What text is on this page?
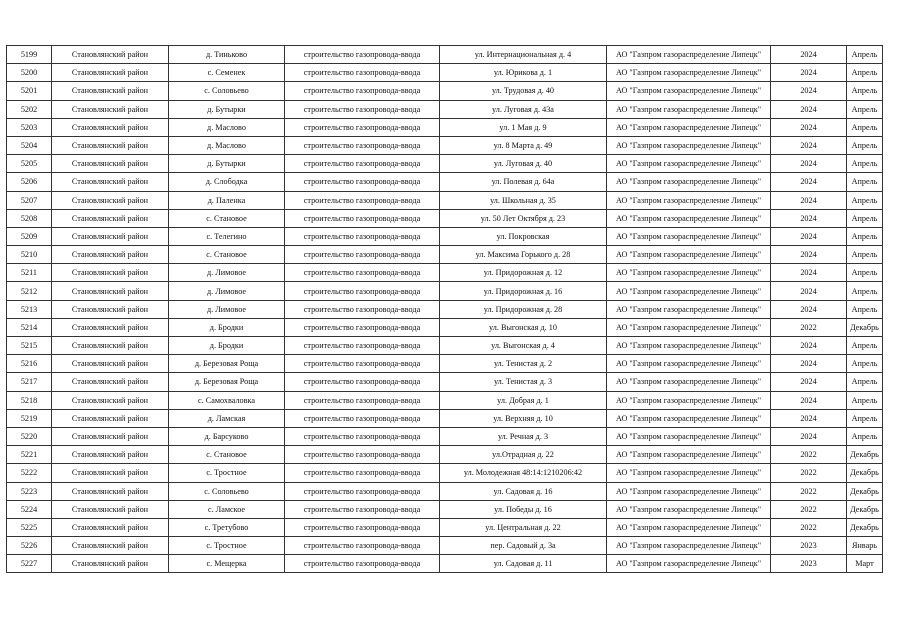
5199	Становлянский район	д. Тиньково	строительство газопровода-ввода	ул. Интернациональная д. 4	АО "Газпром газораспределение Липецк"	2024	Апрель
5200	Становлянский район	с. Семенек	строительство газопровода-ввода	ул. Юрикова д. 1	АО "Газпром газораспределение Липецк"	2024	Апрель
5201	Становлянский район	с. Соловьево	строительство газопровода-ввода	ул. Трудовая д. 40	АО "Газпром газораспределение Липецк"	2024	Апрель
5202	Становлянский район	д. Бутырки	строительство газопровода-ввода	ул. Луговая д. 43а	АО "Газпром газораспределение Липецк"	2024	Апрель
5203	Становлянский район	д. Маслово	строительство газопровода-ввода	ул. 1 Мая д. 9	АО "Газпром газораспределение Липецк"	2024	Апрель
5204	Становлянский район	д. Маслово	строительство газопровода-ввода	ул. 8 Марта д. 49	АО "Газпром газораспределение Липецк"	2024	Апрель
5205	Становлянский район	д. Бутырки	строительство газопровода-ввода	ул. Луговая д. 40	АО "Газпром газораспределение Липецк"	2024	Апрель
5206	Становлянский район	д. Слободка	строительство газопровода-ввода	ул. Полевая д. 64а	АО "Газпром газораспределение Липецк"	2024	Апрель
5207	Становлянский район	д. Паленка	строительство газопровода-ввода	ул. Школьная д. 35	АО "Газпром газораспределение Липецк"	2024	Апрель
5208	Становлянский район	с. Становое	строительство газопровода-ввода	ул. 50 Лет Октября д. 23	АО "Газпром газораспределение Липецк"	2024	Апрель
5209	Становлянский район	с. Телегино	строительство газопровода-ввода	ул. Покровская	АО "Газпром газораспределение Липецк"	2024	Апрель
5210	Становлянский район	с. Становое	строительство газопровода-ввода	ул. Максима Горького д. 28	АО "Газпром газораспределение Липецк"	2024	Апрель
5211	Становлянский район	д. Лимовое	строительство газопровода-ввода	ул. Придорожная д. 12	АО "Газпром газораспределение Липецк"	2024	Апрель
5212	Становлянский район	д. Лимовое	строительство газопровода-ввода	ул. Придорожная д. 16	АО "Газпром газораспределение Липецк"	2024	Апрель
5213	Становлянский район	д. Лимовое	строительство газопровода-ввода	ул. Придорожная д. 28	АО "Газпром газораспределение Липецк"	2024	Апрель
5214	Становлянский район	д. Бродки	строительство газопровода-ввода	ул. Выгонская д. 10	АО "Газпром газораспределение Липецк"	2022	Декабрь
5215	Становлянский район	д. Бродки	строительство газопровода-ввода	ул. Выгонская д. 4	АО "Газпром газораспределение Липецк"	2024	Апрель
5216	Становлянский район	д. Березовая Роща	строительство газопровода-ввода	ул. Тенистая д. 2	АО "Газпром газораспределение Липецк"	2024	Апрель
5217	Становлянский район	д. Березовая Роща	строительство газопровода-ввода	ул. Тенистая д. 3	АО "Газпром газораспределение Липецк"	2024	Апрель
5218	Становлянский район	с. Самохваловка	строительство газопровода-ввода	ул. Добрая д. 1	АО "Газпром газораспределение Липецк"	2024	Апрель
5219	Становлянский район	д. Ламская	строительство газопровода-ввода	ул. Верхняя д. 10	АО "Газпром газораспределение Липецк"	2024	Апрель
5220	Становлянский район	д. Барсуково	строительство газопровода-ввода	ул. Речная д. 3	АО "Газпром газораспределение Липецк"	2024	Апрель
5221	Становлянский район	с. Становое	строительство газопровода-ввода	ул.Отрадная д. 22	АО "Газпром газораспределение Липецк"	2022	Декабрь
5222	Становлянский район	с. Тростное	строительство газопровода-ввода	ул. Молодежная 48:14:1210206:42	АО "Газпром газораспределение Липецк"	2022	Декабрь
5223	Становлянский район	с. Соловьево	строительство газопровода-ввода	ул. Садовая д. 16	АО "Газпром газораспределение Липецк"	2022	Декабрь
5224	Становлянский район	с. Ламское	строительство газопровода-ввода	ул. Победы д. 16	АО "Газпром газораспределение Липецк"	2022	Декабрь
5225	Становлянский район	с. Третубово	строительство газопровода-ввода	ул. Центральная д. 22	АО "Газпром газораспределение Липецк"	2022	Декабрь
5226	Становлянский район	с. Тростное	строительство газопровода-ввода	пер. Садовый д. 3а	АО "Газпром газораспределение Липецк"	2023	Январь
5227	Становлянский район	с. Мещерка	строительство газопровода-ввода	ул. Садовая д. 11	АО "Газпром газораспределение Липецк"	2023	Март
